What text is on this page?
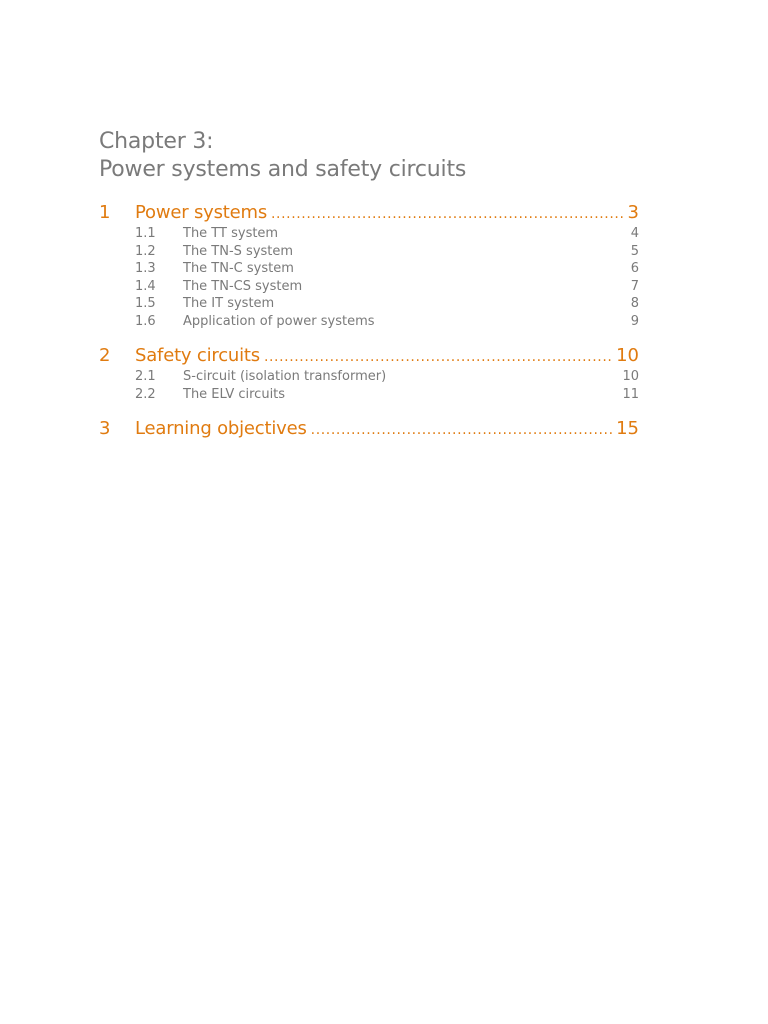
Chapter 3:
Power systems and safety circuits
1	Power systems .....	3
1.1	The TT system	4
1.2	The TN-S system	5
1.3	The TN-C system	6
1.4	The TN-CS system	7
1.5	The IT system	8
1.6	Application of power systems	9
2	Safety circuits .....	10
2.1	S-circuit (isolation transformer)	10
2.2	The ELV circuits	11
3	Learning objectives .....	15
